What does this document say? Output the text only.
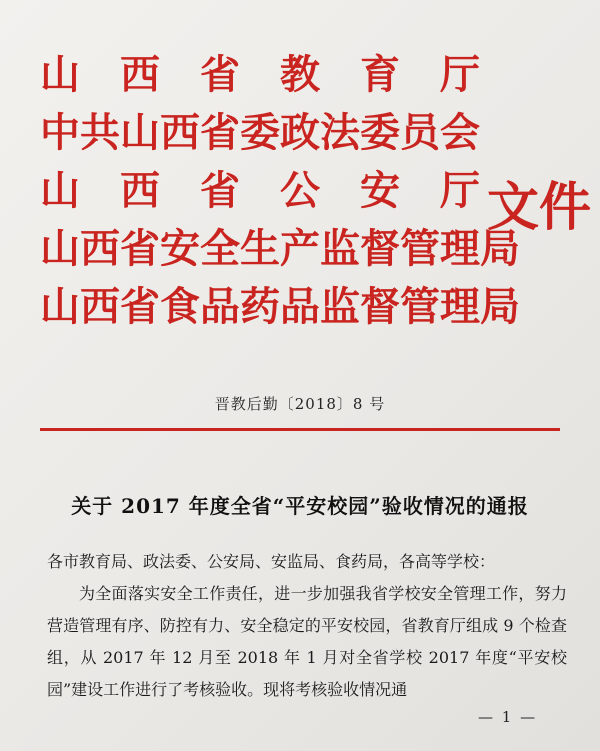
山 西 省 教 育 厅
中 共 山 西 省 委 政 法 委 员 会
山 西 省 公 安 厅
山 西 省 安 全 生 产 监 督 管 理 局
山 西 省 食 品 药 品 监 督 管 理 局
文件
晋教后勤〔2018〕8 号
关于 2017 年度全省“平安校园”验收情况的通报

各市教育局、政法委、公安局、安监局、食药局，各高等学校：

为全面落实安全工作责任，进一步加强我省学校安全管理工作，努力营造管理有序、防控有力、安全稳定的平安校园，省教育厅组成 9 个检查组，从 2017 年 12 月至 2018 年 1 月对全省学校 2017 年度“平安校园”建设工作进行了考核验收。现将考核验收情况通

— 1 —
